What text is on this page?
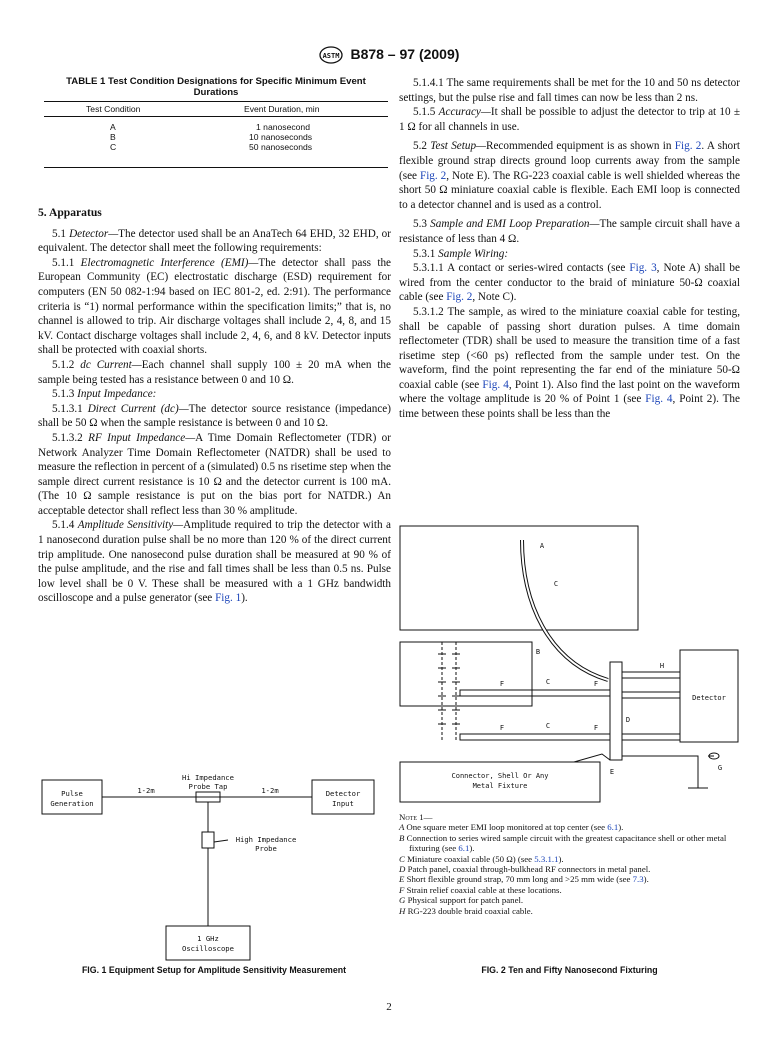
ASTM B878 – 97 (2009)
TABLE 1 Test Condition Designations for Specific Minimum Event Durations
Test Condition	Event Duration, min
A	1 nanosecond
B	10 nanoseconds
C	50 nanoseconds

5. Apparatus

5.1 Detector—The detector used shall be an AnaTech 64 EHD, 32 EHD, or equivalent. The detector shall meet the following requirements:

5.1.1 Electromagnetic Interference (EMI)—The detector shall pass the European Community (EC) electrostatic discharge (ESD) requirement for computers (EN 50 082-1:94 based on IEC 801-2, ed. 2:91). The performance criteria is “1) normal performance within the specification limits;” that is, no channel is allowed to trip. Air discharge voltages shall include 2, 4, 8, and 15 kV. Contact discharge voltages shall include 2, 4, 6, and 8 kV. Detector inputs shall be protected with coaxial shorts.

5.1.2 dc Current—Each channel shall supply 100 ± 20 mA when the sample being tested has a resistance between 0 and 10 Ω.

5.1.3 Input Impedance:

5.1.3.1 Direct Current (dc)—The detector source resistance (impedance) shall be 50 Ω when the sample resistance is between 0 and 10 Ω.

5.1.3.2 RF Input Impedance—A Time Domain Reflectometer (TDR) or Network Analyzer Time Domain Reflectometer (NATDR) shall be used to measure the reflection in percent of a (simulated) 0.5 ns risetime step when the sample direct current resistance is 10 Ω and the detector current is 100 mA. (The 10 Ω sample resistance is put on the bias port for NATDR.) An acceptable detector shall reflect less than 30 % amplitude.

5.1.4 Amplitude Sensitivity—Amplitude required to trip the detector with a 1 nanosecond duration pulse shall be no more than 120 % of the direct current trip amplitude. One nanosecond pulse duration shall be measured at 90 % of the pulse amplitude, and the rise and fall times shall be less than 0.5 ns. Pulse low level shall be 0 V. These shall be measured with a 1 GHz bandwidth oscilloscope and a pulse generator (see Fig. 1).

5.1.4.1 The same requirements shall be met for the 10 and 50 ns detector settings, but the pulse rise and fall times can now be less than 2 ns.

5.1.5 Accuracy—It shall be possible to adjust the detector to trip at 10 ± 1 Ω for all channels in use.

5.2 Test Setup—Recommended equipment is as shown in Fig. 2. A short flexible ground strap directs ground loop currents away from the sample (see Fig. 2, Note E). The RG-223 coaxial cable is well shielded whereas the short 50 Ω miniature coaxial cable is flexible. Each EMI loop is connected to a detector channel and is used as a control.

5.3 Sample and EMI Loop Preparation—The sample circuit shall have a resistance of less than 4 Ω.

5.3.1 Sample Wiring:

5.3.1.1 A contact or series-wired contacts (see Fig. 3, Note A) shall be wired from the center conductor to the braid of miniature 50-Ω coaxial cable (see Fig. 2, Note C).

5.3.1.2 The sample, as wired to the miniature coaxial cable for testing, shall be capable of passing short duration pulses. A time domain reflectometer (TDR) shall be used to measure the transition time of a fast risetime step (<60 ps) reflected from the sample under test. On the waveform, find the point representing the far end of the miniature 50-Ω coaxial cable (see Fig. 4, Point 1). Also find the last point on the waveform where the voltage amplitude is 20 % of Point 1 (see Fig. 4, Point 2). The time between these points shall be less than the

Pulse
Generation
Detector
Input
Hi Impedance
Probe Tap
1-2m	1-2m
High Impedance
Probe
1 GHz
Oscilloscope
FIG. 1 Equipment Setup for Amplitude Sensitivity Measurement
A
B
C
C
C
D
E
F	F
F	F
G
H
Detector
Connector, Shell Or Any
Metal Fixture
Note 1—
A One square meter EMI loop monitored at top center (see 6.1).
B Connection to series wired sample circuit with the greatest capacitance shell or other metal fixturing (see 6.1).
C Miniature coaxial cable (50 Ω) (see 5.3.1.1).
D Patch panel, coaxial through-bulkhead RF connectors in metal panel.
E Short flexible ground strap, 70 mm long and >25 mm wide (see 7.3).
F Strain relief coaxial cable at these locations.
G Physical support for patch panel.
H RG-223 double braid coaxial cable.
FIG. 2 Ten and Fifty Nanosecond Fixturing
2
